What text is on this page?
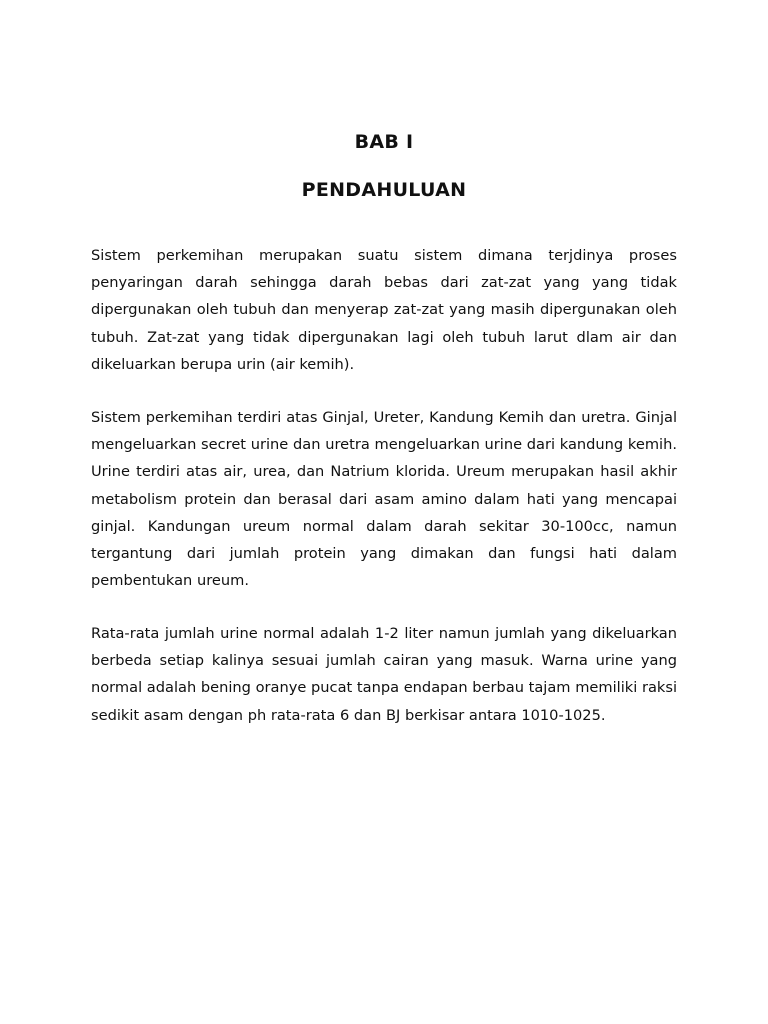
BAB I
PENDAHULUAN

Sistem perkemihan merupakan suatu sistem dimana terjdinya proses penyaringan darah sehingga darah bebas dari zat-zat yang yang tidak dipergunakan oleh tubuh dan menyerap zat-zat yang masih dipergunakan oleh tubuh. Zat-zat yang tidak dipergunakan lagi oleh tubuh larut dlam air dan dikeluarkan berupa urin (air kemih).

Sistem perkemihan terdiri atas Ginjal, Ureter, Kandung Kemih dan uretra. Ginjal mengeluarkan secret urine dan uretra mengeluarkan urine dari kandung kemih. Urine terdiri atas air, urea, dan Natrium klorida. Ureum merupakan hasil akhir metabolism protein dan berasal dari asam amino dalam hati yang mencapai ginjal. Kandungan ureum normal dalam darah sekitar 30-100cc, namun tergantung dari jumlah protein yang dimakan dan fungsi hati dalam pembentukan ureum.

Rata-rata jumlah urine normal adalah 1-2 liter namun jumlah yang dikeluarkan berbeda setiap kalinya sesuai jumlah cairan yang masuk. Warna urine yang normal adalah bening oranye pucat tanpa endapan berbau tajam memiliki raksi sedikit asam dengan ph rata-rata 6 dan BJ berkisar antara 1010-1025.
